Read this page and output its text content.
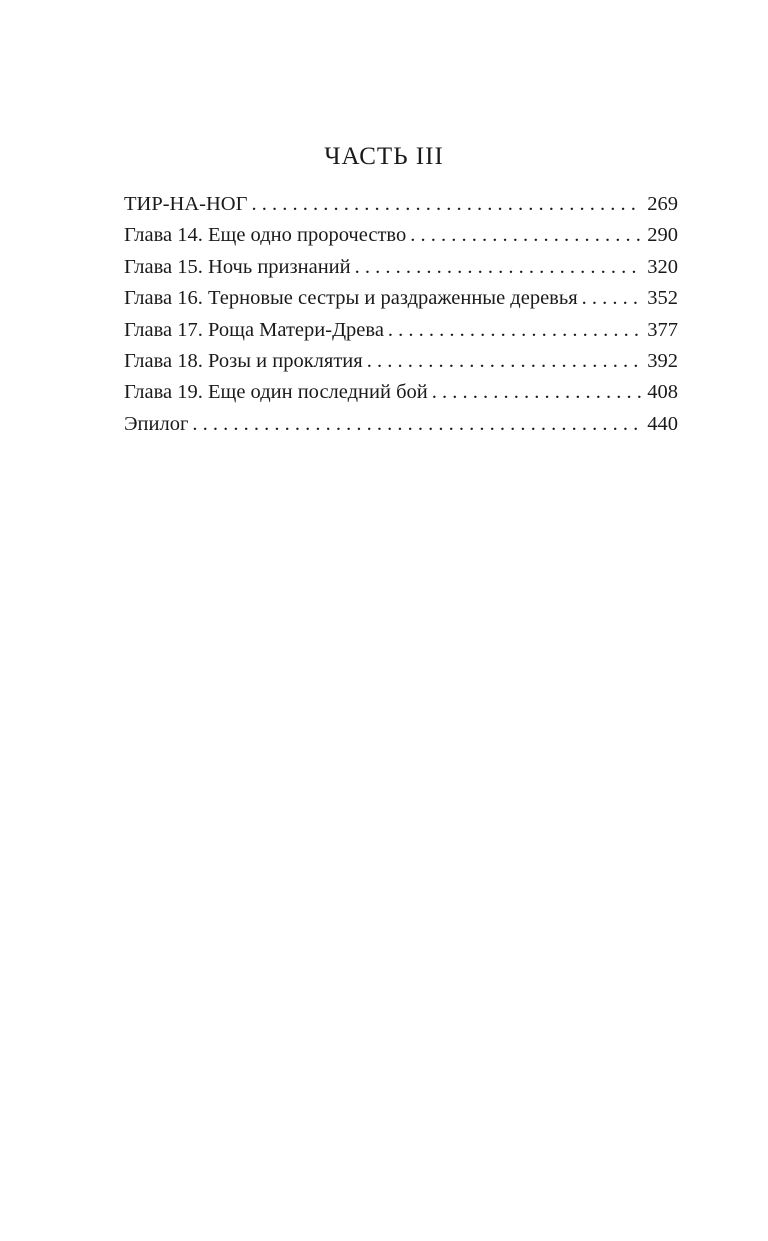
ЧАСТЬ III
ТИР-НА-НОГ . . .	269
Глава 14. Еще одно пророчество . . .	290
Глава 15. Ночь признаний . . .	320
Глава 16. Терновые сестры и раздраженные деревья . . .	352
Глава 17. Роща Матери-Древа . . .	377
Глава 18. Розы и проклятия . . .	392
Глава 19. Еще один последний бой . . .	408
Эпилог . . .	440
